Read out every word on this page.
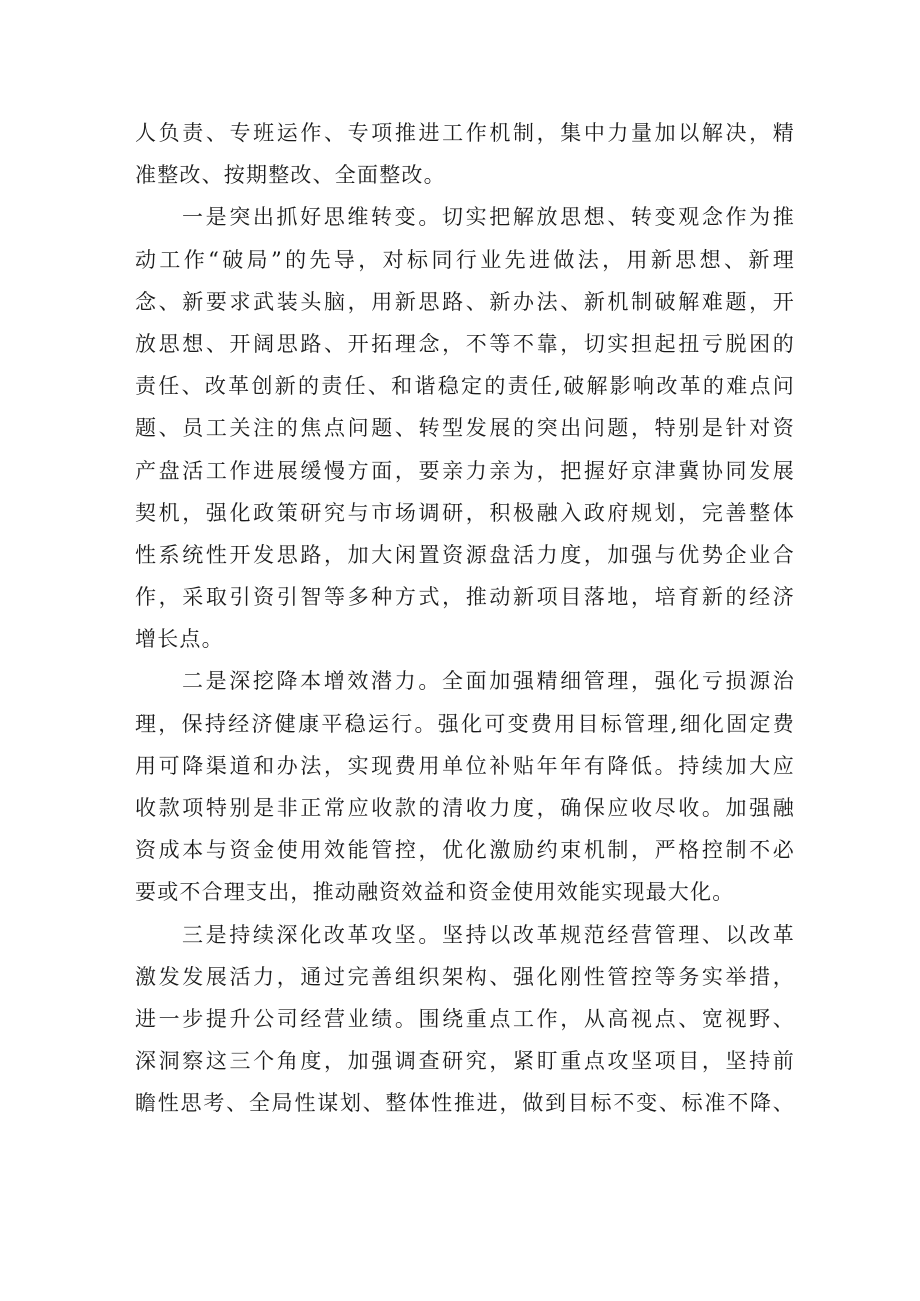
人负责、专班运作、专项推进工作机制，集中力量加以解决，精
准整改、按期整改、全面整改。
一是突出抓好思维转变。切实把解放思想、转变观念作为推
动工作“破局”的先导，对标同行业先进做法，用新思想、新理
念、新要求武装头脑，用新思路、新办法、新机制破解难题，开
放思想、开阔思路、开拓理念，不等不靠，切实担起扭亏脱困的
责任、改革创新的责任、和谐稳定的责任,破解影响改革的难点问
题、员工关注的焦点问题、转型发展的突出问题，特别是针对资
产盘活工作进展缓慢方面，要亲力亲为，把握好京津冀协同发展
契机，强化政策研究与市场调研，积极融入政府规划，完善整体
性系统性开发思路，加大闲置资源盘活力度，加强与优势企业合
作，采取引资引智等多种方式，推动新项目落地，培育新的经济
增长点。
二是深挖降本增效潜力。全面加强精细管理，强化亏损源治
理，保持经济健康平稳运行。强化可变费用目标管理,细化固定费
用可降渠道和办法，实现费用单位补贴年年有降低。持续加大应
收款项特别是非正常应收款的清收力度，确保应收尽收。加强融
资成本与资金使用效能管控，优化激励约束机制，严格控制不必
要或不合理支出，推动融资效益和资金使用效能实现最大化。
三是持续深化改革攻坚。坚持以改革规范经营管理、以改革
激发发展活力，通过完善组织架构、强化刚性管控等务实举措，
进一步提升公司经营业绩。围绕重点工作，从高视点、宽视野、
深洞察这三个角度，加强调查研究，紧盯重点攻坚项目，坚持前
瞻性思考、全局性谋划、整体性推进，做到目标不变、标准不降、
